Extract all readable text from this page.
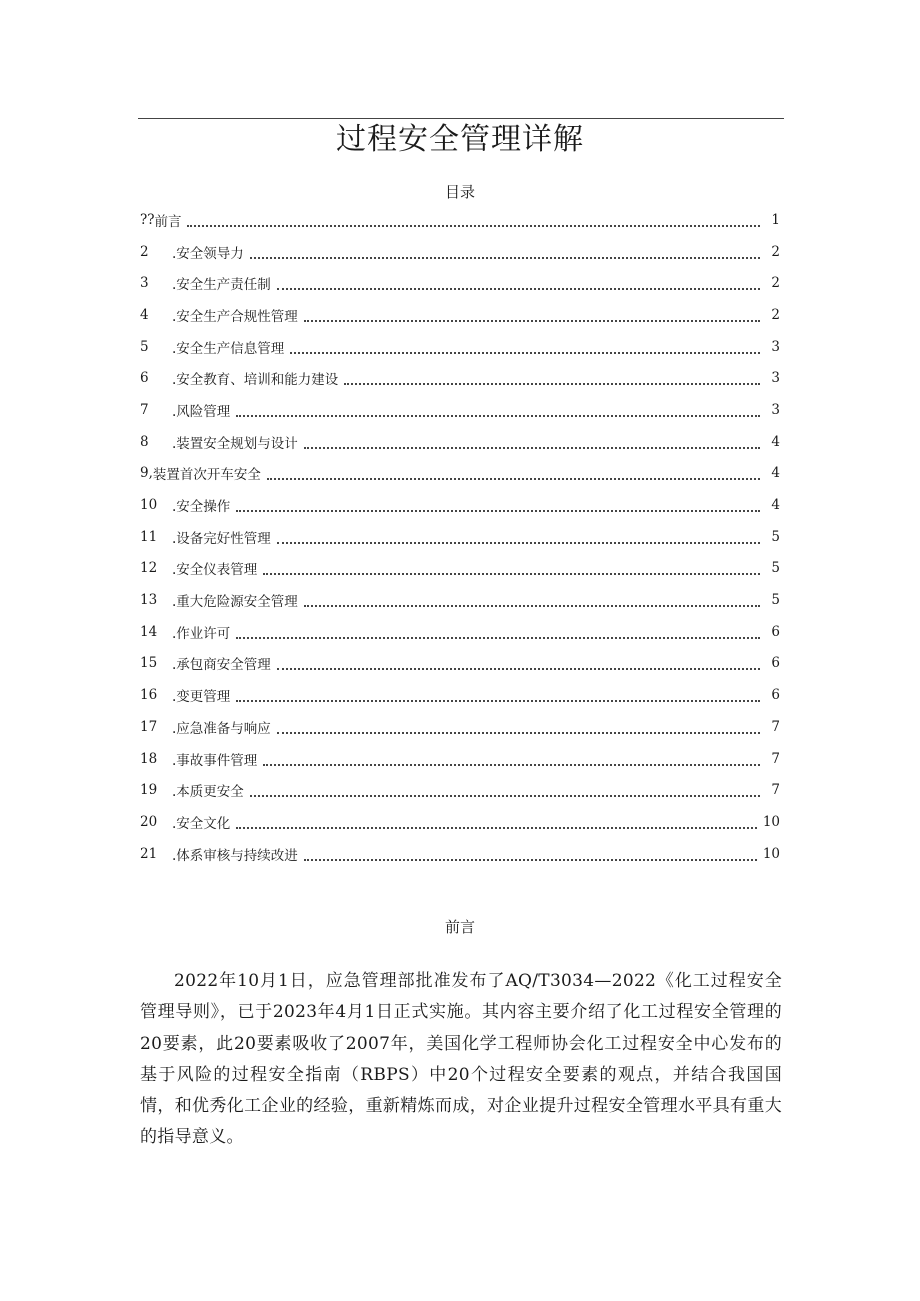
过程安全管理详解
目录
?? 前言	1
2	.安全领导力	2
3	.安全生产责任制	2
4	.安全生产合规性管理	2
5	.安全生产信息管理	3
6	.安全教育、培训和能力建设	3
7	.风险管理	3
8	.装置安全规划与设计	4
9, 装置首次开车安全	4
10	.安全操作	4
11	.设备完好性管理	5
12	.安全仪表管理	5
13	.重大危险源安全管理	5
14	.作业许可	6
15	.承包商安全管理	6
16	.变更管理	6
17	.应急准备与响应	7
18	.事故事件管理	7
19	.本质更安全	7
20	.安全文化	10
21	.体系审核与持续改进	10
前言

2022年10月1日，应急管理部批准发布了AQ/T3034—2022《化工过程安全管理导则》，已于2023年4月1日正式实施。其内容主要介绍了化工过程安全管理的20要素，此20要素吸收了2007年，美国化学工程师协会化工过程安全中心发布的基于风险的过程安全指南（RBPS）中20个过程安全要素的观点，并结合我国国情，和优秀化工企业的经验，重新精炼而成，对企业提升过程安全管理水平具有重大的指导意义。
